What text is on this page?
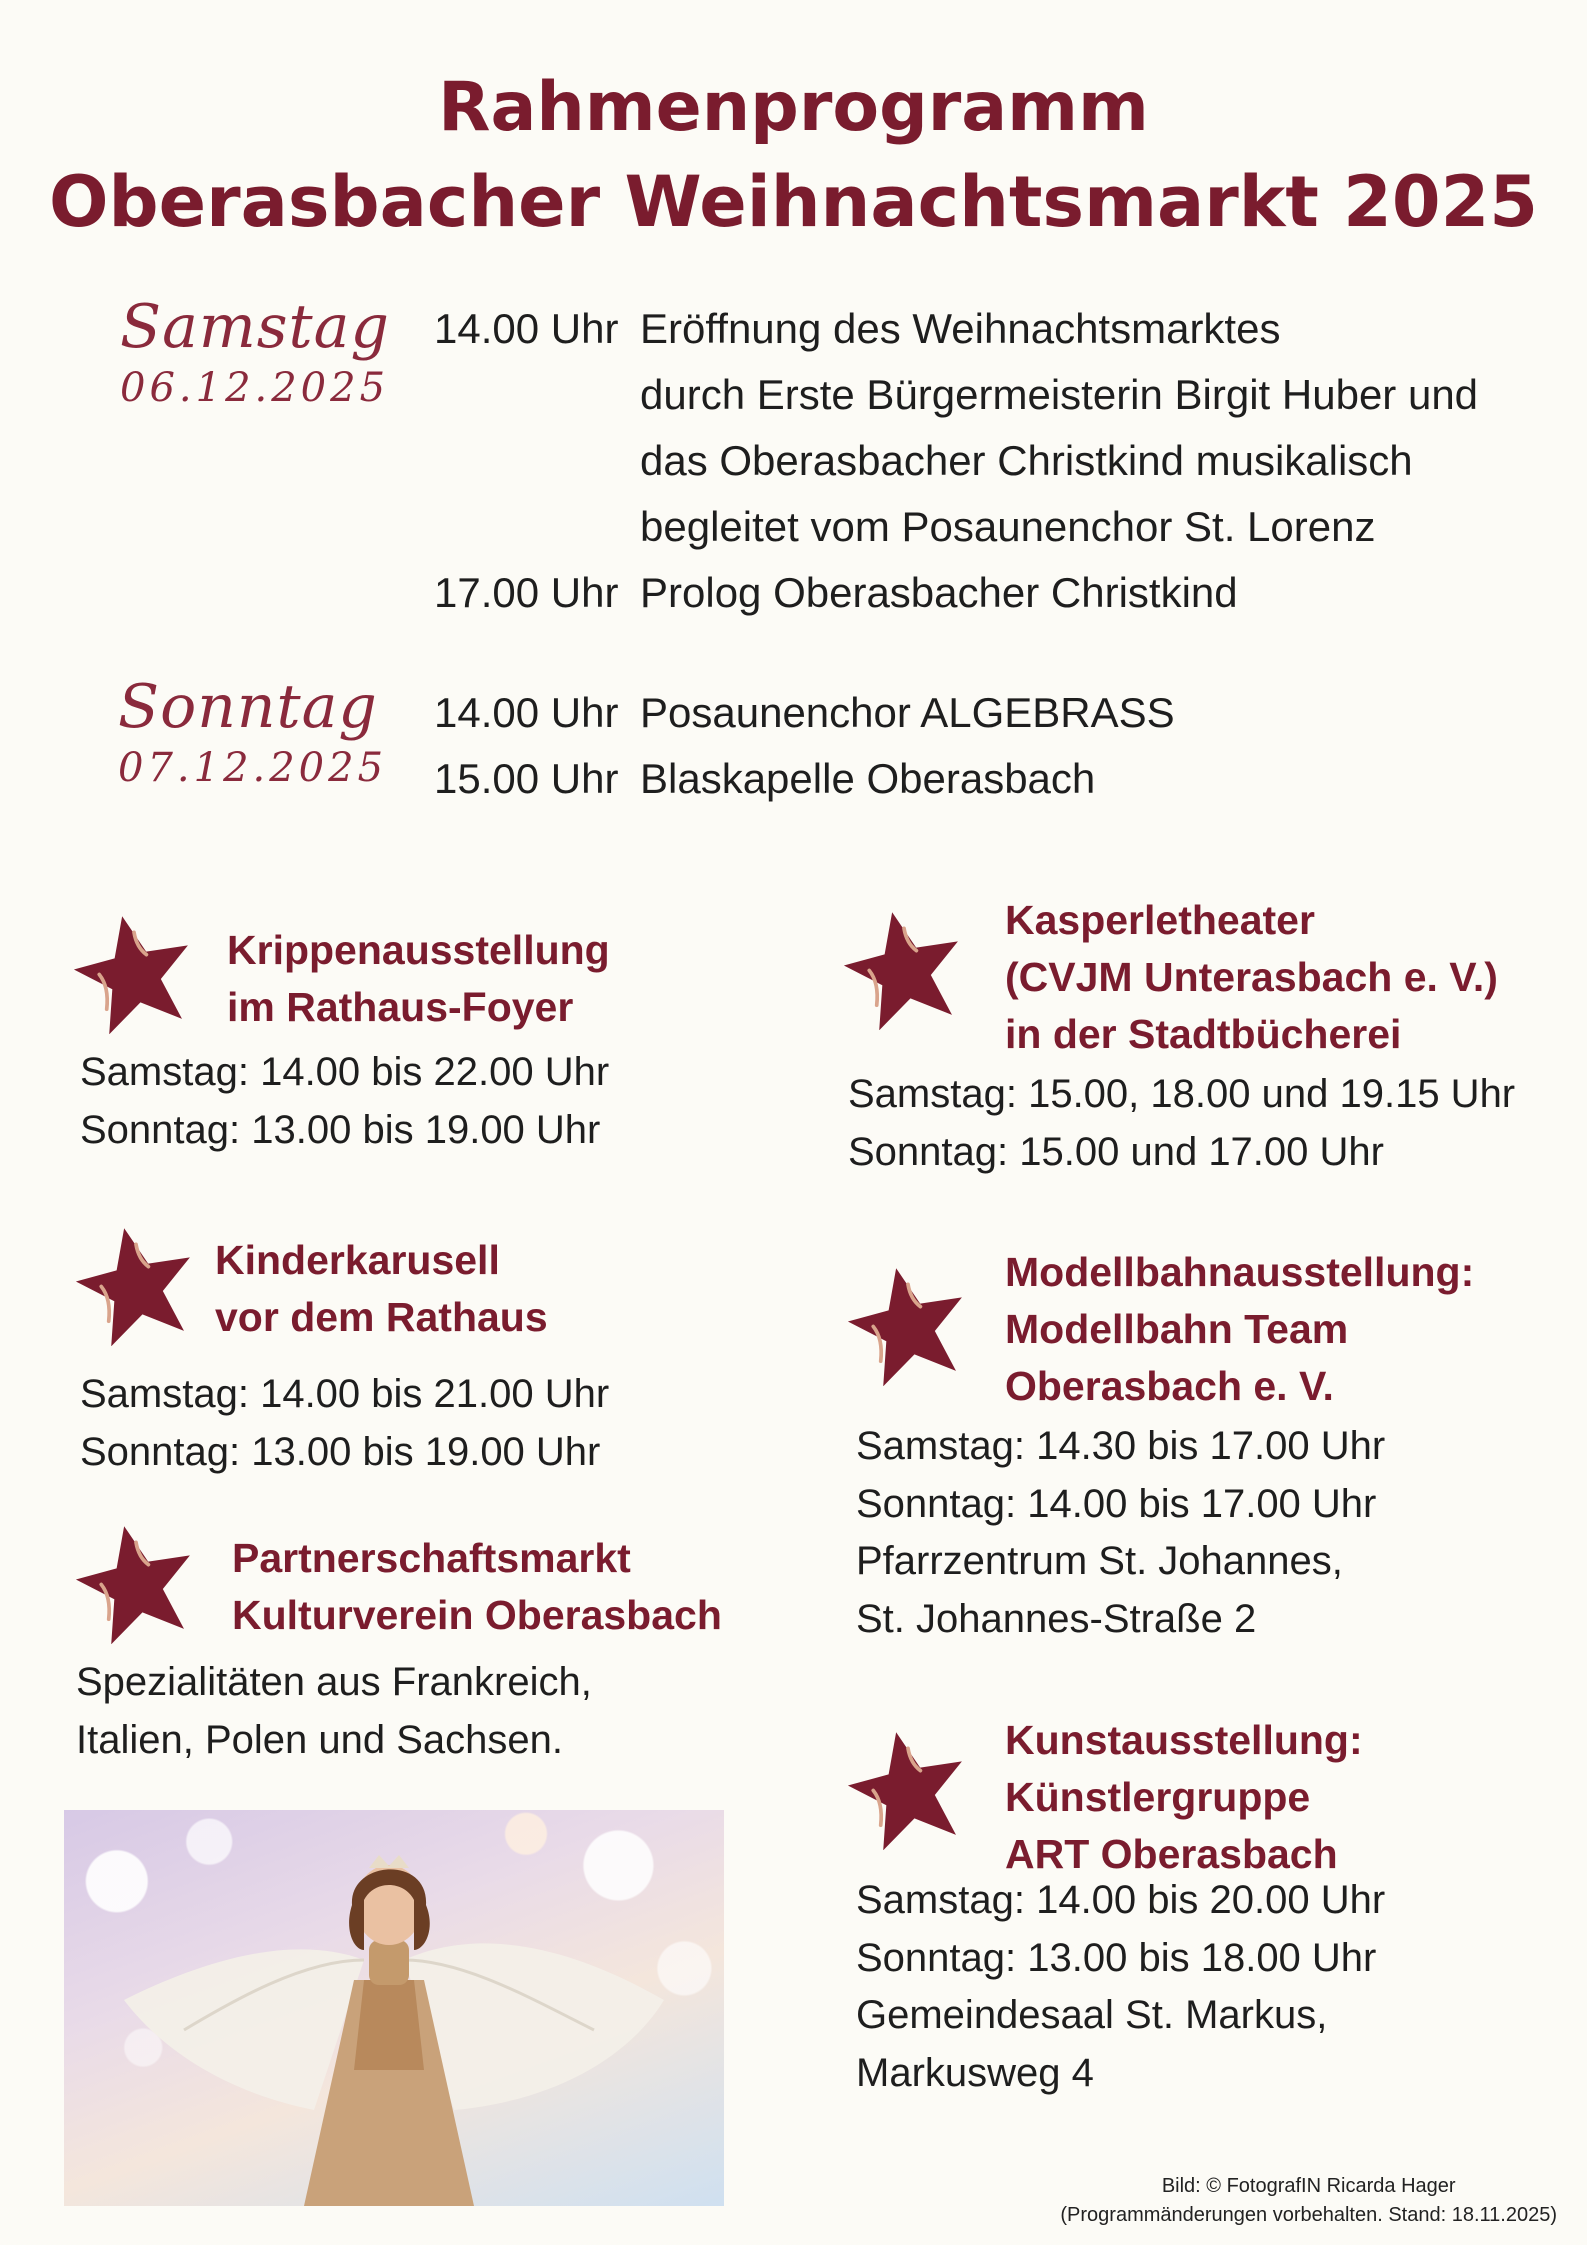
Rahmenprogramm
Oberasbacher Weihnachtsmarkt 2025
Samstag
06.12.2025
14.00 Uhr Eröffnung des Weihnachtsmarktes
durch Erste Bürgermeisterin Birgit Huber und
das Oberasbacher Christkind musikalisch
begleitet vom Posaunenchor St. Lorenz
17.00 Uhr Prolog Oberasbacher Christkind
Sonntag
07.12.2025
14.00 Uhr Posaunenchor ALGEBRASS
15.00 Uhr Blaskapelle Oberasbach
Krippenausstellung
im Rathaus-Foyer
Samstag: 14.00 bis 22.00 Uhr
Sonntag: 13.00 bis 19.00 Uhr
Kinderkarusell
vor dem Rathaus
Samstag: 14.00 bis 21.00 Uhr
Sonntag: 13.00 bis 19.00 Uhr
Partnerschaftsmarkt
Kulturverein Oberasbach
Spezialitäten aus Frankreich,
Italien, Polen und Sachsen.
Kasperletheater
(CVJM Unterasbach e. V.)
in der Stadtbücherei
Samstag: 15.00, 18.00 und 19.15 Uhr
Sonntag: 15.00 und 17.00 Uhr
Modellbahnausstellung:
Modellbahn Team
Oberasbach e. V.
Samstag: 14.30 bis 17.00 Uhr
Sonntag: 14.00 bis 17.00 Uhr
Pfarrzentrum St. Johannes,
St. Johannes-Straße 2
Kunstausstellung:
Künstlergruppe
ART Oberasbach
Samstag: 14.00 bis 20.00 Uhr
Sonntag: 13.00 bis 18.00 Uhr
Gemeindesaal St. Markus,
Markusweg 4
Bild: © FotografIN Ricarda Hager
(Programmänderungen vorbehalten. Stand: 18.11.2025)
